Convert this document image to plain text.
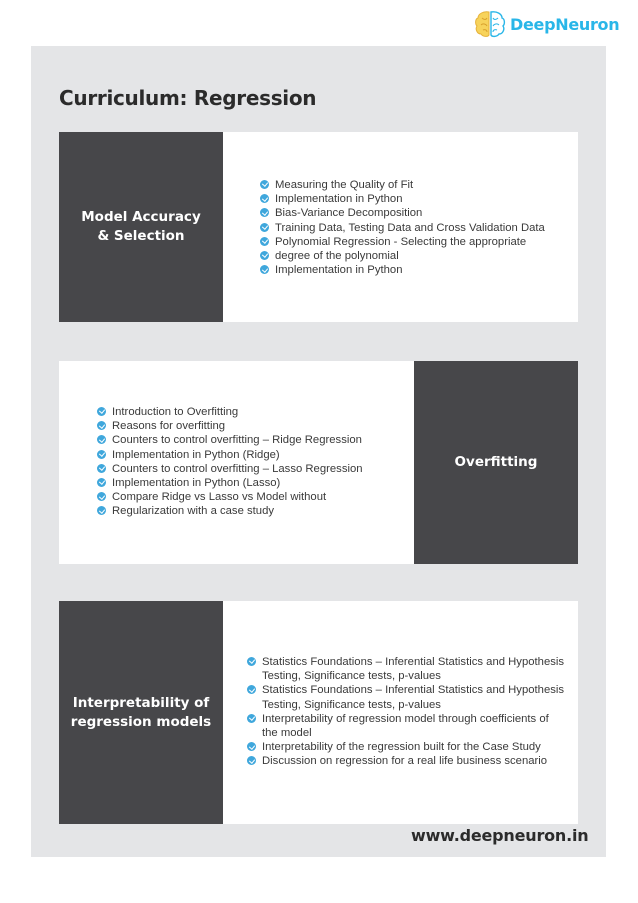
DeepNeuron
Curriculum: Regression
Model Accuracy
& Selection
Measuring the Quality of Fit
Implementation in Python
Bias-Variance Decomposition
Training Data, Testing Data and Cross Validation Data
Polynomial Regression - Selecting the appropriate
degree of the polynomial
Implementation in Python
Overfitting
Introduction to Overfitting
Reasons for overfitting
Counters to control overfitting – Ridge Regression
Implementation in Python (Ridge)
Counters to control overfitting – Lasso Regression
Implementation in Python (Lasso)
Compare Ridge vs Lasso vs Model without
Regularization with a case study
Interpretability of
regression models
Statistics Foundations – Inferential Statistics and Hypothesis
Testing, Significance tests, p-values
Statistics Foundations – Inferential Statistics and Hypothesis
Testing, Significance tests, p-values
Interpretability of regression model through coefficients of
the model
Interpretability of the regression built for the Case Study
Discussion on regression for a real life business scenario
www.deepneuron.in
